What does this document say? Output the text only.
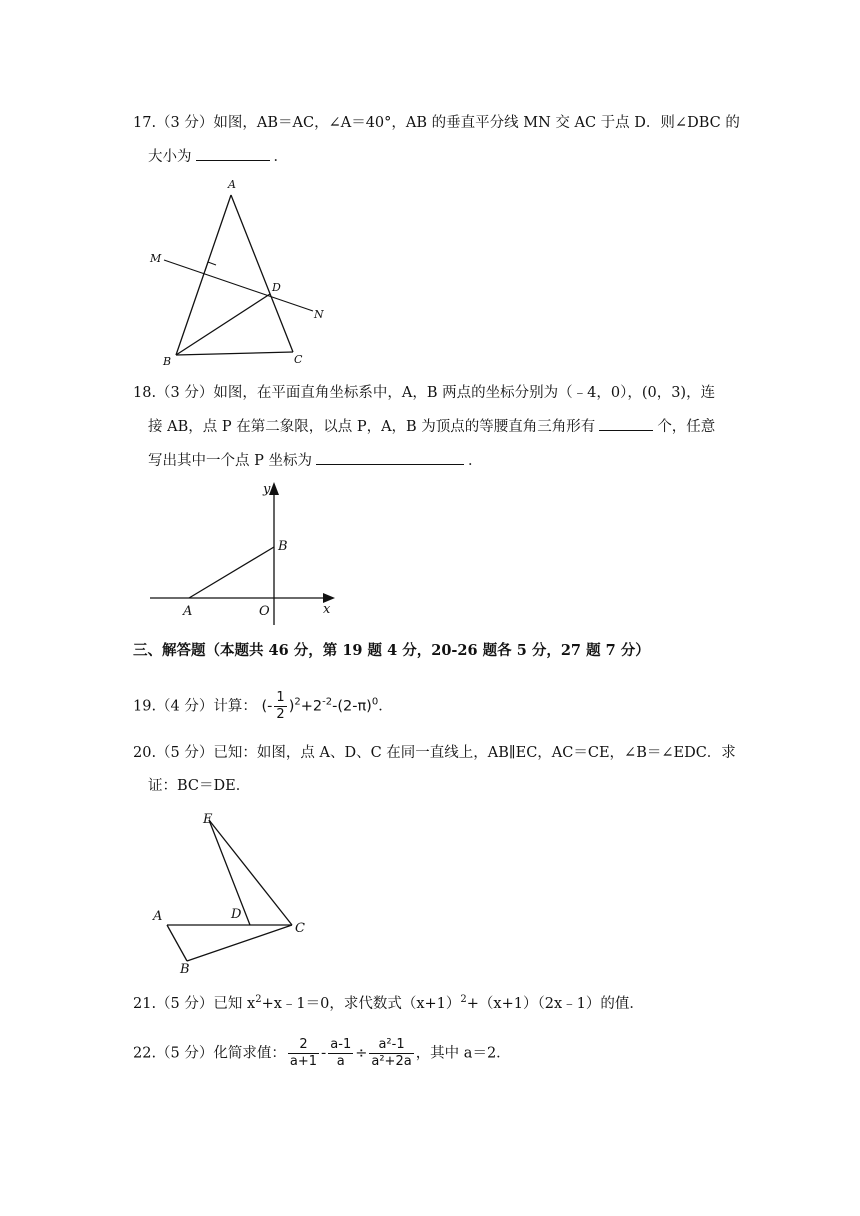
17.（3 分）如图，AB＝AC，∠A＝40°，AB 的垂直平分线 MN 交 AC 于点 D．则∠DBC 的
大小为	．
A
M
D
N
B	C
18.（3 分）如图，在平面直角坐标系中，A，B 两点的坐标分别为（﹣4，0），(0，3)，连
接 AB，点 P 在第二象限，以点 P，A，B 为顶点的等腰直角三角形有	个，任意
写出其中一个点 P 坐标为	．
y
B
A	O	x
三、解答题（本题共 46 分，第 19 题 4 分，20-26 题各 5 分，27 题 7 分）
19.（4 分）计算： (- $\frac{1}{2} )^2+2^{-2}-(2-\pi)^0$．
20.（5 分）已知：如图，点 A、D、C 在同一直线上，AB∥EC，AC＝CE，∠B＝∠EDC．求
证：BC＝DE．
E
A	D
C
B
21.（5 分）已知 $x^2+x﹣1=0$，求代数式$(x+1)^2+(x+1)(2x﹣1)$的值．
22.（5 分）化简求值： $\frac{2}{a+1} - \frac{a-1}{a} \div \frac{\text{a²-1}}{\text{a²+2a}}$ ，其中 a＝2．
